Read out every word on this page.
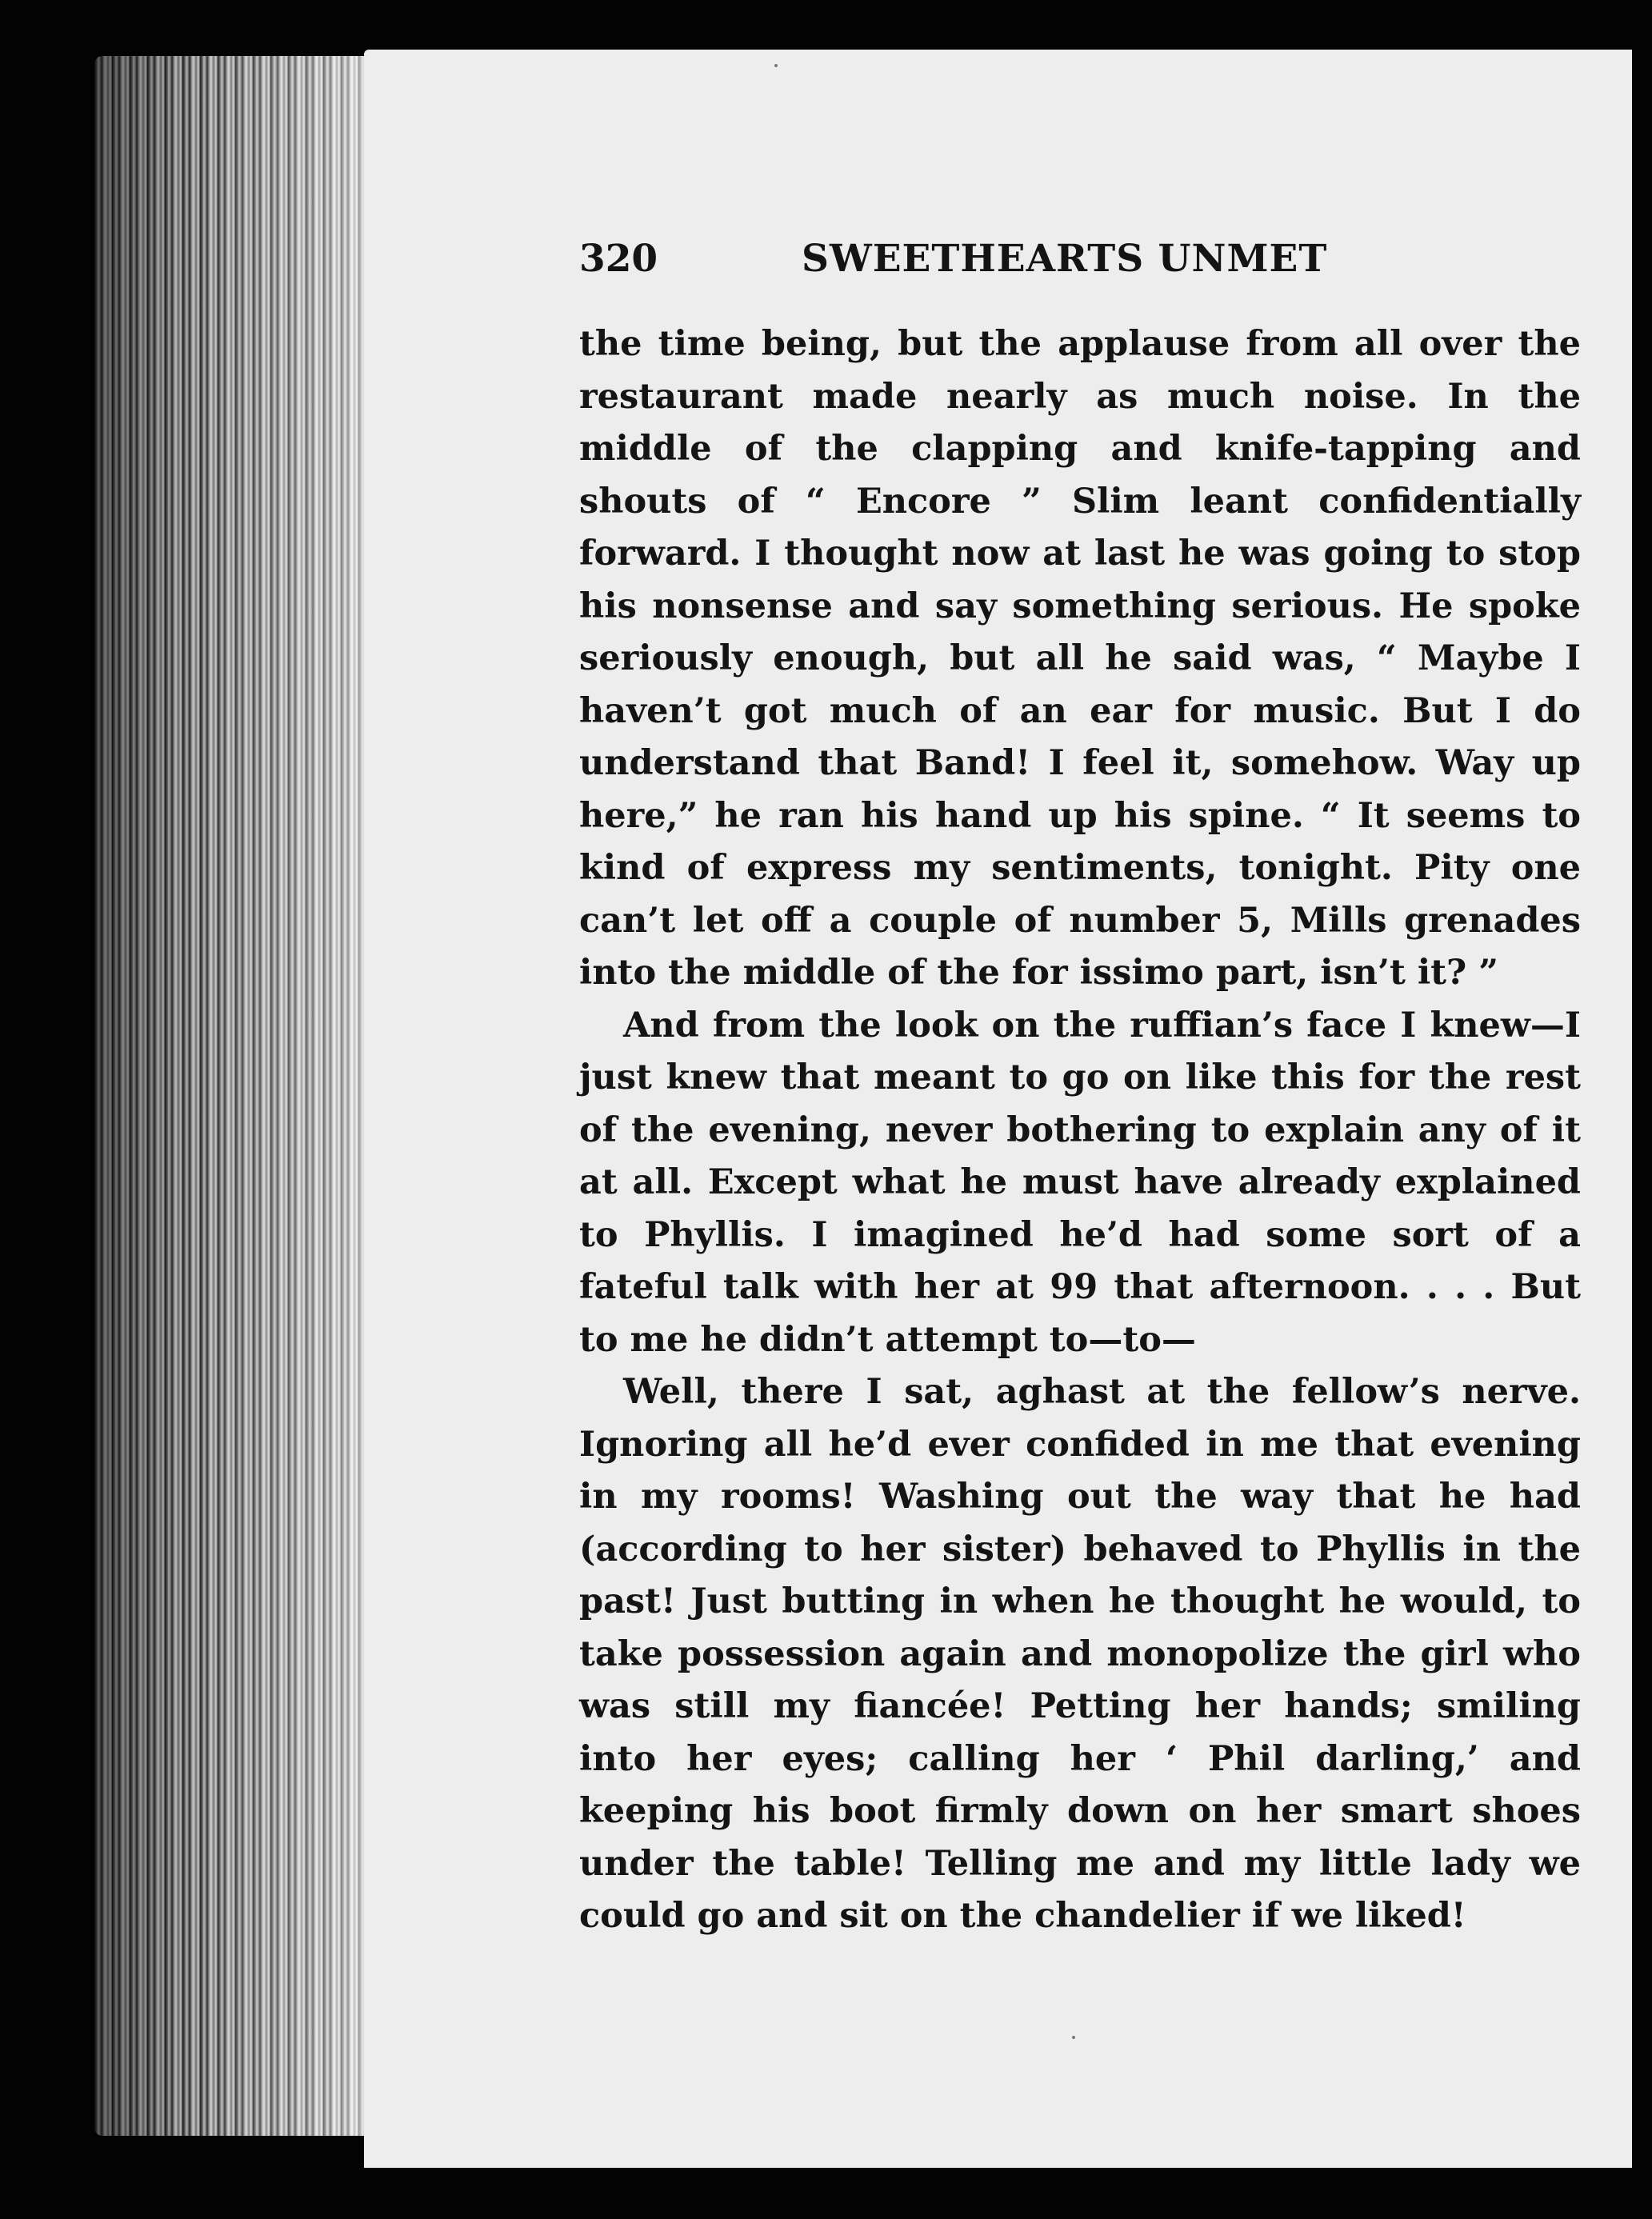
320	SWEETHEARTS UNMET

the time being, but the applause from all over the restaurant made nearly as much noise. In the middle of the clapping and knife-tapping and shouts of “ Encore ” Slim leant confidentially forward. I thought now at last he was going to stop his nonsense and say something serious. He spoke seriously enough, but all he said was, “ Maybe I haven’t got much of an ear for music. But I do understand that Band! I feel it, somehow. Way up here,” he ran his hand up his spine. “ It seems to kind of express my sentiments, tonight. Pity one can’t let off a couple of number 5, Mills grenades into the middle of the for issimo part, isn’t it? ”

And from the look on the ruffian’s face I knew—I just knew that meant to go on like this for the rest of the evening, never bothering to explain any of it at all. Except what he must have already explained to Phyllis. I imagined he’d had some sort of a fateful talk with her at 99 that afternoon. . . . But to me he didn’t attempt to—to—

Well, there I sat, aghast at the fellow’s nerve. Ignoring all he’d ever confided in me that evening in my rooms! Washing out the way that he had (according to her sister) behaved to Phyllis in the past! Just butting in when he thought he would, to take possession again and monopolize the girl who was still my fiancée! Petting her hands; smiling into her eyes; calling her ‘ Phil darling,’ and keeping his boot firmly down on her smart shoes under the table! Telling me and my little lady we could go and sit on the chandelier if we liked!
